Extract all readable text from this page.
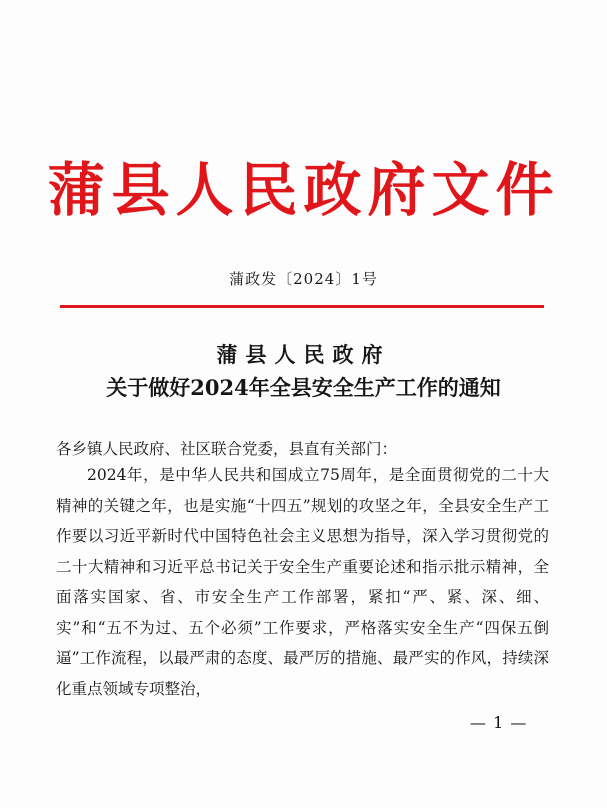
蒲县人民政府文件
蒲政发〔2024〕1号
蒲县人民政府
关于做好2024年全县安全生产工作的通知
各乡镇人民政府、社区联合党委，县直有关部门：

2024年，是中华人民共和国成立75周年，是全面贯彻党的二十大精神的关键之年，也是实施“十四五”规划的攻坚之年，全县安全生产工作要以习近平新时代中国特色社会主义思想为指导，深入学习贯彻党的二十大精神和习近平总书记关于安全生产重要论述和指示批示精神，全面落实国家、省、市安全生产工作部署，紧扣“严、紧、深、细、实”和“五不为过、五个必须”工作要求，严格落实安全生产“四保五倒逼”工作流程，以最严肃的态度、最严厉的措施、最严实的作风，持续深化重点领域专项整治，

— 1 —
